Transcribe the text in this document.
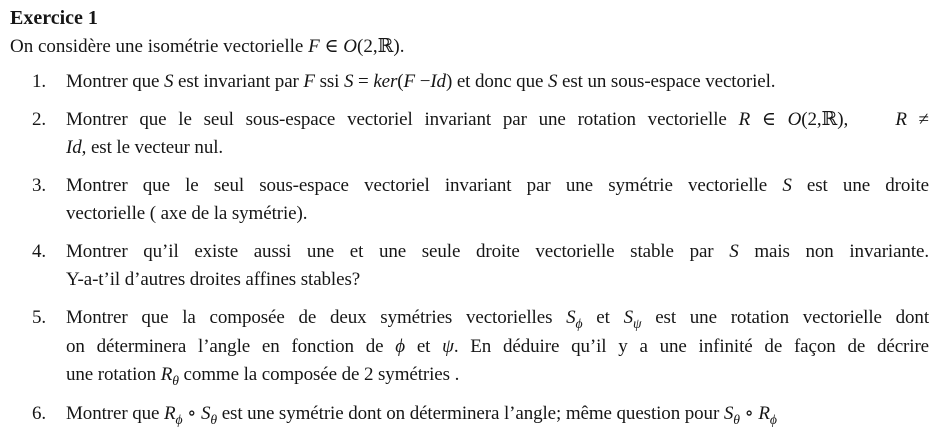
Exercice 1

On considère une isométrie vectorielle F ∈ O(2,ℝ).

1. Montrer que S est invariant par F ssi S = ker(F −Id) et donc que S est un sous-espace vectoriel.
2. Montrer que le seul sous-espace vectoriel invariant par une rotation vectorielle R ∈ O(2,ℝ),    R ≠
Id, est le vecteur nul.
3. Montrer que le seul sous-espace vectoriel invariant par une symétrie vectorielle S est une droite
vectorielle ( axe de la symétrie).
4. Montrer qu’il existe aussi une et une seule droite vectorielle stable par S mais non invariante.
Y-a-t’il d’autres droites affines stables?
5. Montrer que la composée de deux symétries vectorielles $S_\phi$ et $S_\psi$ est une rotation vectorielle dont
on déterminera l’angle en fonction de ϕ et ψ. En déduire qu’il y a une infinité de façon de décrire
une rotation $R_\theta$ comme la composée de 2 symétries .
6. Montrer que $R_\phi$ ∘ $S_\theta$ est une symétrie dont on déterminera l’angle; même question pour $S_\theta$ ∘ $R_\phi$
